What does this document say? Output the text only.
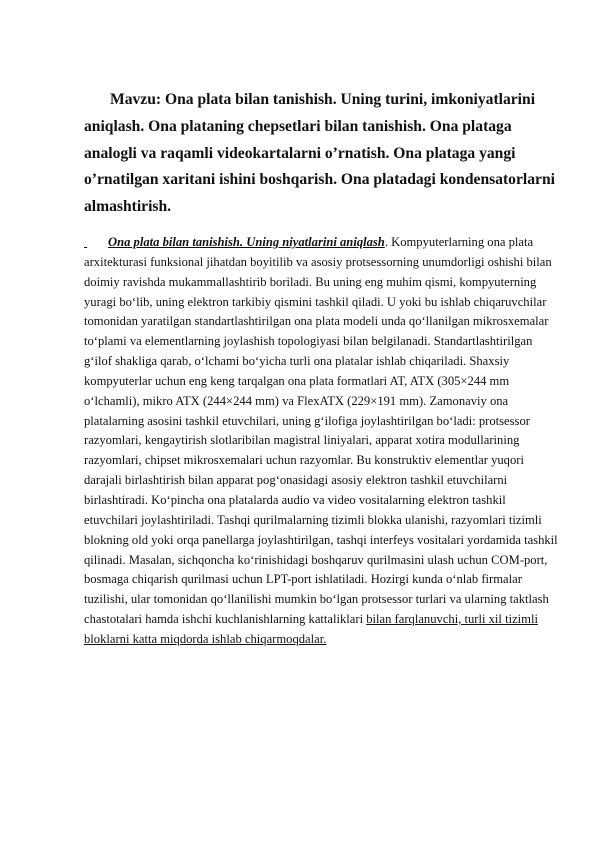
Mavzu: Ona plata bilan tanishish. Uning turini, imkoniyatlarini aniqlash. Ona plataning chepsetlari bilan tanishish. Ona plataga analogli va raqamli videokartalarni o’rnatish. Ona plataga yangi o’rnatilgan xaritani ishini boshqarish. Ona platadagi kondensatorlarni almashtirish.

Ona plata bilan tanishish. Uning niyatlarini aniqlash. Kompyuterlarning ona plata arxitekturasi funksional jihatdan boyitilib va asosiy protsessorning unumdorligi oshishi bilan doimiy ravishda mukammallashtirib boriladi. Bu uning eng muhim qismi, kompyuterning yuragi bo‘lib, uning elektron tarkibiy qismini tashkil qiladi. U yoki bu ishlab chiqaruvchilar tomonidan yaratilgan standartlashtirilgan ona plata modeli unda qo‘llanilgan mikrosxemalar to‘plami va elementlarning joylashish topologiyasi bilan belgilanadi. Standartlashtirilgan g‘ilof shakliga qarab, o‘lchami bo‘yicha turli ona platalar ishlab chiqariladi. Shaxsiy kompyuterlar uchun eng keng tarqalgan ona plata formatlari AT, ATX (305×244 mm o‘lchamli), mikro ATX (244×244 mm) va FlexATX (229×191 mm). Zamonaviy ona platalarning asosini tashkil etuvchilari, uning g‘ilofiga joylashtirilgan bo‘ladi: protsessor razyomlari, kengaytirish slotlaribilan magistral liniyalari, apparat xotira modullarining razyomlari, chipset mikrosxemalari uchun razyomlar. Bu konstruktiv elementlar yuqori darajali birlashtirish bilan apparat pog‘onasidagi asosiy elektron tashkil etuvchilarni birlashtiradi. Ko‘pincha ona platalarda audio va video vositalarning elektron tashkil etuvchilari joylashtiriladi. Tashqi qurilmalarning tizimli blokka ulanishi, razyomlari tizimli blokning old yoki orqa panellarga joylashtirilgan, tashqi interfeys vositalari yordamida tashkil qilinadi. Masalan, sichqoncha ko‘rinishidagi boshqaruv qurilmasini ulash uchun COM-port, bosmaga chiqarish qurilmasi uchun LPT-port ishlatiladi. Hozirgi kunda o‘nlab firmalar tuzilishi, ular tomonidan qo‘llanilishi mumkin bo‘lgan protsessor turlari va ularning taktlash chastotalari hamda ishchi kuchlanishlarning kattaliklari bilan farqlanuvchi, turli xil tizimli bloklarni katta miqdorda ishlab chiqarmoqdalar.
